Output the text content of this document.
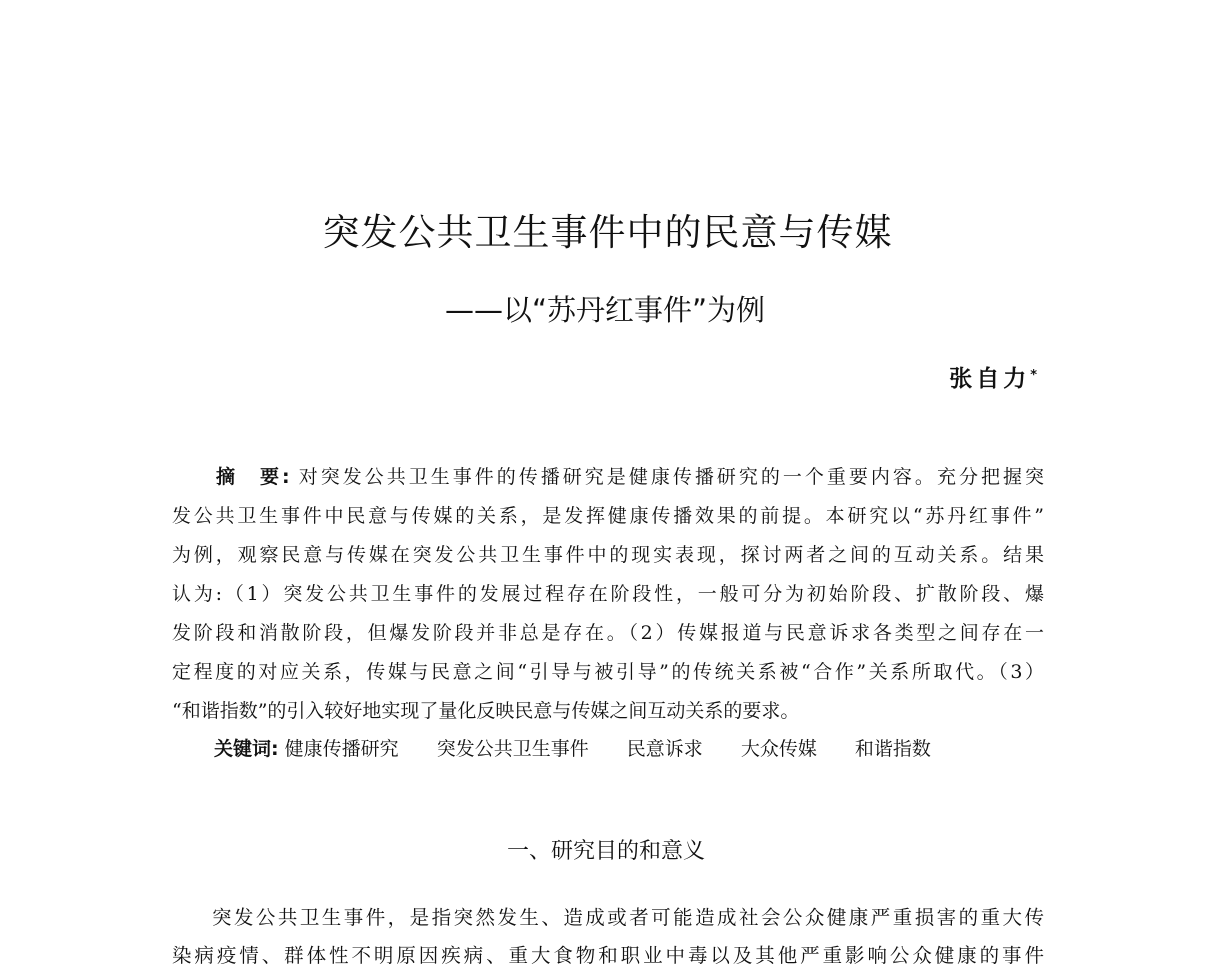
突发公共卫生事件中的民意与传媒
——以“苏丹红事件”为例
张自力*
摘　要: 对突发公共卫生事件的传播研究是健康传播研究的一个重要内容。充分把握突
发公共卫生事件中民意与传媒的关系，是发挥健康传播效果的前提。本研究以“苏丹红事件”
为例，观察民意与传媒在突发公共卫生事件中的现实表现，探讨两者之间的互动关系。结果
认为:（1）突发公共卫生事件的发展过程存在阶段性，一般可分为初始阶段、扩散阶段、爆
发阶段和消散阶段，但爆发阶段并非总是存在。（2）传媒报道与民意诉求各类型之间存在一
定程度的对应关系，传媒与民意之间“引导与被引导”的传统关系被“合作”关系所取代。（3）
“和谐指数”的引入较好地实现了量化反映民意与传媒之间互动关系的要求。
关键词: 健康传播研究 突发公共卫生事件 民意诉求 大众传媒 和谐指数
一、研究目的和意义
突发公共卫生事件，是指突然发生、造成或者可能造成社会公众健康严重损害的重大传
染病疫情、群体性不明原因疾病、重大食物和职业中毒以及其他严重影响公众健康的事件
